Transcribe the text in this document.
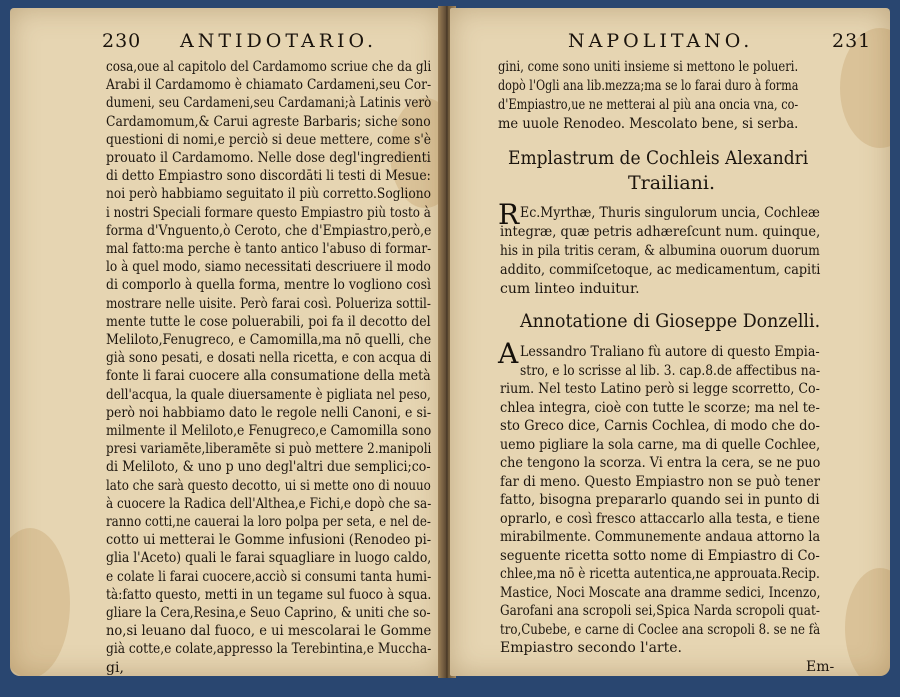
230 ANTIDOTARIO.
cosa,oue al capitolo del Cardamomo scriue che da gli
Arabi il Cardamomo è chiamato Cardameni,seu Cor-
dumeni, seu Cardameni,seu Cardamani;à Latinis verò
Cardamomum,& Carui agreste Barbaris; siche sono
questioni di nomi,e perciò si deue mettere, come s'è
prouato il Cardamomo. Nelle dose degl'ingredienti
di detto Empiastro sono discordāti li testi di Mesue:
noi però habbiamo seguitato il più corretto.Sogliono
i nostri Speciali formare questo Empiastro più tosto à
forma d'Vnguento,ò Ceroto, che d'Empiastro,però,e
mal fatto:ma perche è tanto antico l'abuso di formar-
lo à quel modo, siamo necessitati descriuere il modo
di comporlo à quella forma, mentre lo vogliono così
mostrare nelle uisite. Però farai così. Polueriza sottil-
mente tutte le cose poluerabili, poi fa il decotto del
Meliloto,Fenugreco, e Camomilla,ma nō quelli, che
già sono pesati, e dosati nella ricetta, e con acqua di
fonte li farai cuocere alla consumatione della metà
dell'acqua, la quale diuersamente è pigliata nel peso,
però noi habbiamo dato le regole nelli Canoni, e si-
milmente il Meliloto,e Fenugreco,e Camomilla sono
presi variamēte,liberamēte si può mettere 2.manipoli
di Meliloto, & uno p uno degl'altri due semplici;co-
lato che sarà questo decotto, ui si mette ono di nouuo
à cuocere la Radica dell'Althea,e Fichi,e dopò che sa-
ranno cotti,ne cauerai la loro polpa per seta, e nel de-
cotto ui metterai le Gomme infusioni (Renodeo pi-
glia l'Aceto) quali le farai squagliare in luogo caldo,
e colate li farai cuocere,acciò si consumi tanta humi-
tà:fatto questo, metti in un tegame sul fuoco à squa.
gliare la Cera,Resina,e Seuo Caprino, & uniti che so-
no,si leuano dal fuoco, e ui mescolarai le Gomme
già cotte,e colate,appresso la Terebintina,e Muccha-
gi,
NAPOLITANO.	231
gini, come sono uniti insieme si mettono le polueri.
dopò l'Ogli ana lib.mezza;ma se lo farai duro à forma
d'Empiastro,ue ne metterai al più ana oncia vna, co-
me uuole Renodeo. Mescolato bene, si serba.
Emplastrum de Cochleis Alexandri
Trailiani.
R Ec.Myrthæ, Thuris singulorum uncia, Cochleæ
integræ, quæ petris adhæreſcunt num. quinque,
his in pila tritis ceram, & albumina ouorum duorum
addito, commiſcetoque, ac medicamentum, capiti
cum linteo induitur.
Annotatione di Gioseppe Donzelli.
A Lessandro Traliano fù autore di questo Empia-
stro, e lo scrisse al lib. 3. cap.8.de affectibus na-
rium. Nel testo Latino però si legge scorretto, Co-
chlea integra, cioè con tutte le scorze; ma nel te-
sto Greco dice, Carnis Cochlea, di modo che do-
uemo pigliare la sola carne, ma di quelle Cochlee,
che tengono la scorza. Vi entra la cera, se ne puo
far di meno. Questo Empiastro non se può tener
fatto, bisogna prepararlo quando sei in punto di
oprarlo, e così fresco attaccarlo alla testa, e tiene
mirabilmente. Communemente andaua attorno la
seguente ricetta sotto nome di Empiastro di Co-
chlee,ma nō è ricetta autentica,ne approuata.Recip.
Mastice, Noci Moscate ana dramme sedici, Incenzo,
Garofani ana scropoli sei,Spica Narda scropoli quat-
tro,Cubebe, e carne di Coclee ana scropoli 8. se ne fà
Empiastro secondo l'arte.
Em-
